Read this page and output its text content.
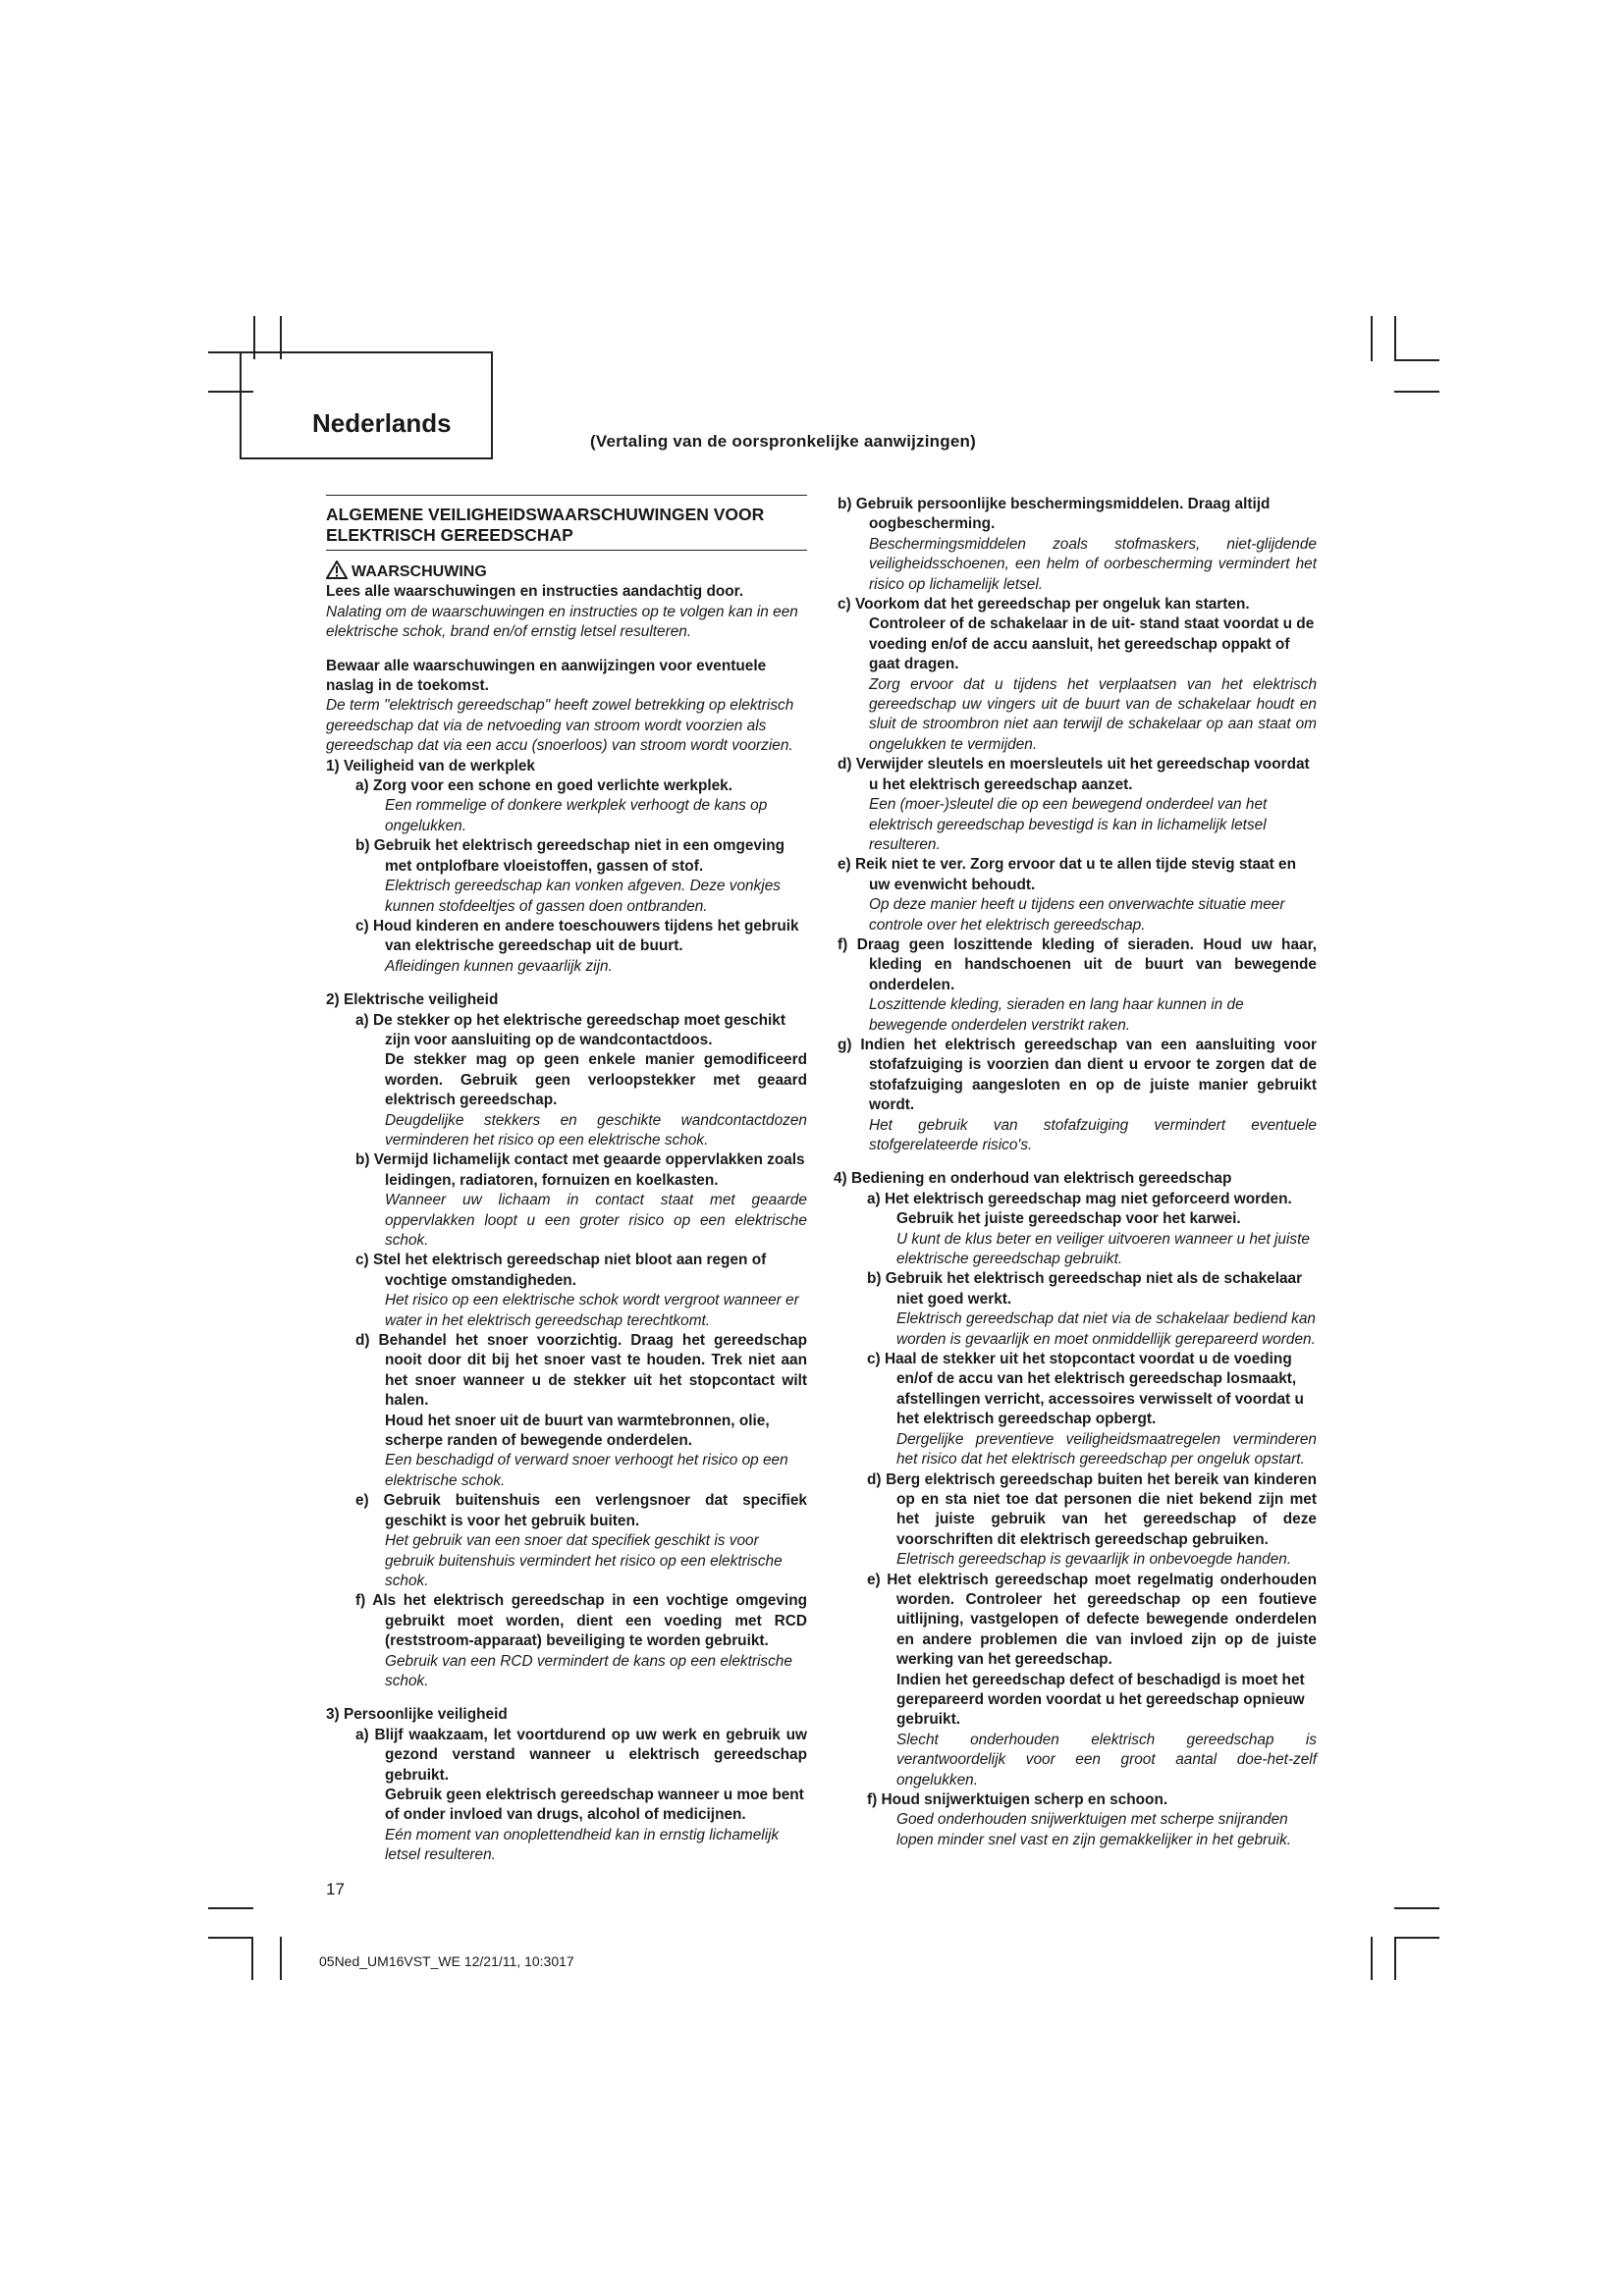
Nederlands
(Vertaling van de oorspronkelijke aanwijzingen)
ALGEMENE VEILIGHEIDSWAARSCHUWINGEN VOOR ELEKTRISCH GEREEDSCHAP
WAARSCHUWING

Lees alle waarschuwingen en instructies aandachtig door.

Nalating om de waarschuwingen en instructies op te volgen kan in een elektrische schok, brand en/of ernstig letsel resulteren.

Bewaar alle waarschuwingen en aanwijzingen voor eventuele naslag in de toekomst.

De term "elektrisch gereedschap" heeft zowel betrekking op elektrisch gereedschap dat via de netvoeding van stroom wordt voorzien als gereedschap dat via een accu (snoerloos) van stroom wordt voorzien.

1) Veiligheid van de werkplek

a) Zorg voor een schone en goed verlichte werkplek.

Een rommelige of donkere werkplek verhoogt de kans op ongelukken.

b) Gebruik het elektrisch gereedschap niet in een omgeving met ontplofbare vloeistoffen, gassen of stof.

Elektrisch gereedschap kan vonken afgeven. Deze vonkjes kunnen stofdeeltjes of gassen doen ontbranden.

c) Houd kinderen en andere toeschouwers tijdens het gebruik van elektrische gereedschap uit de buurt.

Afleidingen kunnen gevaarlijk zijn.

2) Elektrische veiligheid

a) De stekker op het elektrische gereedschap moet geschikt zijn voor aansluiting op de wandcontactdoos.

De stekker mag op geen enkele manier gemodificeerd worden. Gebruik geen verloopstekker met geaard elektrisch gereedschap.

Deugdelijke stekkers en geschikte wandcontactdozen verminderen het risico op een elektrische schok.

b) Vermijd lichamelijk contact met geaarde oppervlakken zoals leidingen, radiatoren, fornuizen en koelkasten.

Wanneer uw lichaam in contact staat met geaarde oppervlakken loopt u een groter risico op een elektrische schok.

c) Stel het elektrisch gereedschap niet bloot aan regen of vochtige omstandigheden.

Het risico op een elektrische schok wordt vergroot wanneer er water in het elektrisch gereedschap terechtkomt.

d) Behandel het snoer voorzichtig. Draag het gereedschap nooit door dit bij het snoer vast te houden. Trek niet aan het snoer wanneer u de stekker uit het stopcontact wilt halen.

Houd het snoer uit de buurt van warmtebronnen, olie, scherpe randen of bewegende onderdelen.

Een beschadigd of verward snoer verhoogt het risico op een elektrische schok.

e) Gebruik buitenshuis een verlengsnoer dat specifiek geschikt is voor het gebruik buiten.

Het gebruik van een snoer dat specifiek geschikt is voor gebruik buitenshuis vermindert het risico op een elektrische schok.

f) Als het elektrisch gereedschap in een vochtige omgeving gebruikt moet worden, dient een voeding met RCD (reststroom-apparaat) beveiliging te worden gebruikt.

Gebruik van een RCD vermindert de kans op een elektrische schok.

3) Persoonlijke veiligheid

a) Blijf waakzaam, let voortdurend op uw werk en gebruik uw gezond verstand wanneer u elektrisch gereedschap gebruikt.

Gebruik geen elektrisch gereedschap wanneer u moe bent of onder invloed van drugs, alcohol of medicijnen.

Eén moment van onoplettendheid kan in ernstig lichamelijk letsel resulteren.

b) Gebruik persoonlijke beschermingsmiddelen. Draag altijd oogbescherming.

Beschermingsmiddelen zoals stofmaskers, niet-glijdende veiligheidsschoenen, een helm of oorbescherming vermindert het risico op lichamelijk letsel.

c) Voorkom dat het gereedschap per ongeluk kan starten. Controleer of de schakelaar in de uit- stand staat voordat u de voeding en/of de accu aansluit, het gereedschap oppakt of gaat dragen.

Zorg ervoor dat u tijdens het verplaatsen van het elektrisch gereedschap uw vingers uit de buurt van de schakelaar houdt en sluit de stroombron niet aan terwijl de schakelaar op aan staat om ongelukken te vermijden.

d) Verwijder sleutels en moersleutels uit het gereedschap voordat u het elektrisch gereedschap aanzet.

Een (moer-)sleutel die op een bewegend onderdeel van het elektrisch gereedschap bevestigd is kan in lichamelijk letsel resulteren.

e) Reik niet te ver. Zorg ervoor dat u te allen tijde stevig staat en uw evenwicht behoudt.

Op deze manier heeft u tijdens een onverwachte situatie meer controle over het elektrisch gereedschap.

f) Draag geen loszittende kleding of sieraden. Houd uw haar, kleding en handschoenen uit de buurt van bewegende onderdelen.

Loszittende kleding, sieraden en lang haar kunnen in de bewegende onderdelen verstrikt raken.

g) Indien het elektrisch gereedschap van een aansluiting voor stofafzuiging is voorzien dan dient u ervoor te zorgen dat de stofafzuiging aangesloten en op de juiste manier gebruikt wordt.

Het gebruik van stofafzuiging vermindert eventuele stofgerelateerde risico's.

4) Bediening en onderhoud van elektrisch gereedschap

a) Het elektrisch gereedschap mag niet geforceerd worden.

Gebruik het juiste gereedschap voor het karwei.

U kunt de klus beter en veiliger uitvoeren wanneer u het juiste elektrische gereedschap gebruikt.

b) Gebruik het elektrisch gereedschap niet als de schakelaar niet goed werkt.

Elektrisch gereedschap dat niet via de schakelaar bediend kan worden is gevaarlijk en moet onmiddellijk gerepareerd worden.

c) Haal de stekker uit het stopcontact voordat u de voeding en/of de accu van het elektrisch gereedschap losmaakt, afstellingen verricht, accessoires verwisselt of voordat u het elektrisch gereedschap opbergt.

Dergelijke preventieve veiligheidsmaatregelen verminderen het risico dat het elektrisch gereedschap per ongeluk opstart.

d) Berg elektrisch gereedschap buiten het bereik van kinderen op en sta niet toe dat personen die niet bekend zijn met het juiste gebruik van het gereedschap of deze voorschriften dit elektrisch gereedschap gebruiken.

Eletrisch gereedschap is gevaarlijk in onbevoegde handen.

e) Het elektrisch gereedschap moet regelmatig onderhouden worden. Controleer het gereedschap op een foutieve uitlijning, vastgelopen of defecte bewegende onderdelen en andere problemen die van invloed zijn op de juiste werking van het gereedschap.

Indien het gereedschap defect of beschadigd is moet het gerepareerd worden voordat u het gereedschap opnieuw gebruikt.

Slecht onderhouden elektrisch gereedschap is verantwoordelijk voor een groot aantal doe-het-zelf ongelukken.

f) Houd snijwerktuigen scherp en schoon.

Goed onderhouden snijwerktuigen met scherpe snijranden lopen minder snel vast en zijn gemakkelijker in het gebruik.

17
05Ned_UM16VST_WE 12/21/11, 10:3017
